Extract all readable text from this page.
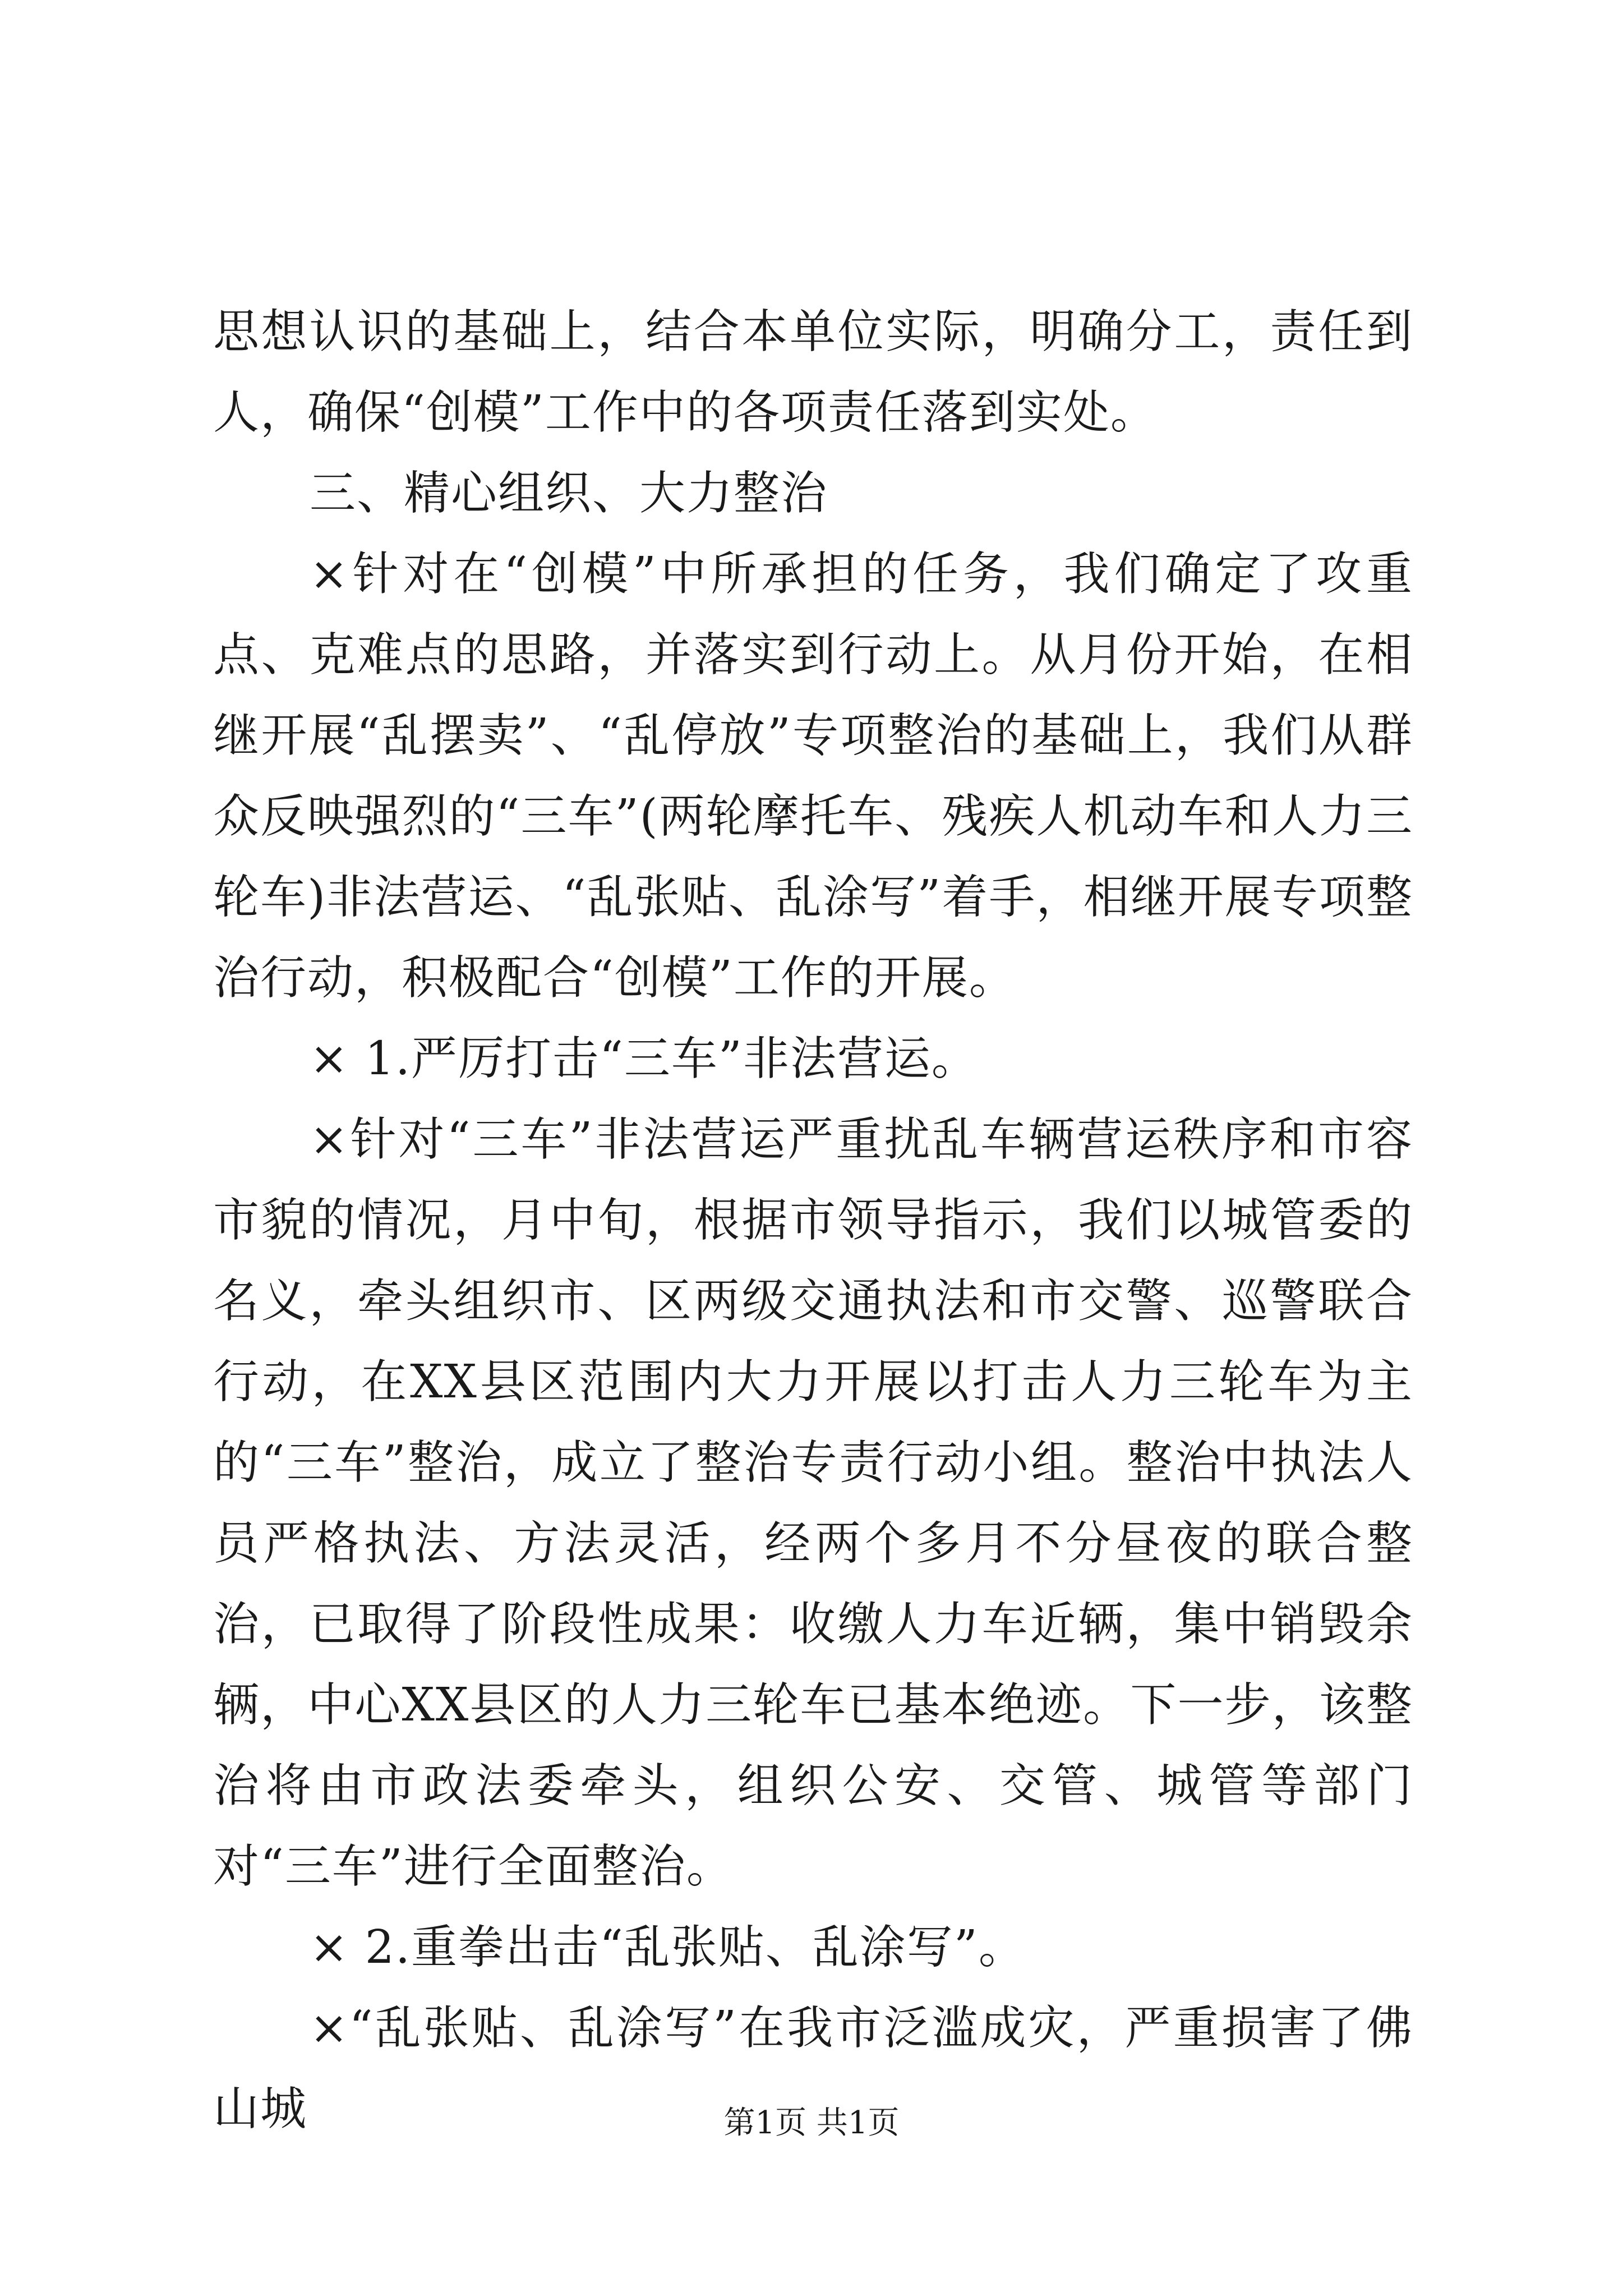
思想认识的基础上，结合本单位实际，明确分工，责任到人，确保“创模”工作中的各项责任落到实处。

三、精心组织、大力整治

×针对在“创模”中所承担的任务，我们确定了攻重点、克难点的思路，并落实到行动上。从月份开始，在相继开展“乱摆卖”、“乱停放”专项整治的基础上，我们从群众反映强烈的“三车”(两轮摩托车、残疾人机动车和人力三轮车)非法营运、“乱张贴、乱涂写”着手，相继开展专项整治行动，积极配合“创模”工作的开展。

× 1.严厉打击“三车”非法营运。

×针对“三车”非法营运严重扰乱车辆营运秩序和市容市貌的情况，月中旬，根据市领导指示，我们以城管委的名义，牵头组织市、区两级交通执法和市交警、巡警联合行动，在XX县区范围内大力开展以打击人力三轮车为主的“三车”整治，成立了整治专责行动小组。整治中执法人员严格执法、方法灵活，经两个多月不分昼夜的联合整治，已取得了阶段性成果：收缴人力车近辆，集中销毁余辆，中心XX县区的人力三轮车已基本绝迹。下一步，该整治将由市政法委牵头，组织公安、交管、城管等部门对“三车”进行全面整治。

× 2.重拳出击“乱张贴、乱涂写”。

×“乱张贴、乱涂写”在我市泛滥成灾，严重损害了佛山城	第1页 共1页
